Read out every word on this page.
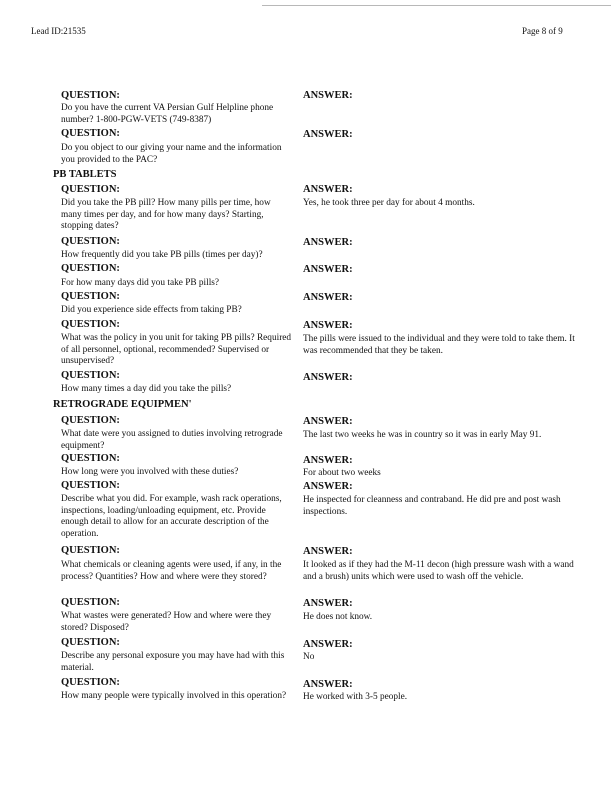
Lead ID:21535	Page 8 of 9
QUESTION:	ANSWER:
Do you have the current VA Persian Gulf Helpline phone number? 1-800-PGW-VETS (749-8387)
QUESTION:	ANSWER:
Do you object to our giving your name and the information you provided to the PAC?
PB TABLETS
QUESTION:	ANSWER:
Did you take the PB pill? How many pills per time, how many times per day, and for how many days? Starting, stopping dates?
Yes, he took three per day for about 4 months.
QUESTION:	ANSWER:
How frequently did you take PB pills (times per day)?
QUESTION:	ANSWER:
For how many days did you take PB pills?
QUESTION:	ANSWER:
Did you experience side effects from taking PB?
QUESTION:	ANSWER:
What was the policy in you unit for taking PB pills? Required of all personnel, optional, recommended? Supervised or unsupervised?
The pills were issued to the individual and they were told to take them. It was recommended that they be taken.
QUESTION:	ANSWER:
How many times a day did you take the pills?
RETROGRADE EQUIPMEN'
QUESTION:	ANSWER:
What date were you assigned to duties involving retrograde equipment?
The last two weeks he was in country so it was in early May 91.
QUESTION:	ANSWER:
How long were you involved with these duties?	For about two weeks
QUESTION:	ANSWER:
Describe what you did. For example, wash rack operations, inspections, loading/unloading equipment, etc. Provide enough detail to allow for an accurate description of the operation.
He inspected for cleanness and contraband. He did pre and post wash inspections.
QUESTION:	ANSWER:
What chemicals or cleaning agents were used, if any, in the process? Quantities? How and where were they stored?
It looked as if they had the M-11 decon (high pressure wash with a wand and a brush) units which were used to wash off the vehicle.
QUESTION:	ANSWER:
What wastes were generated? How and where were they stored? Disposed?
He does not know.
QUESTION:	ANSWER:
Describe any personal exposure you may have had with this material.
No
QUESTION:	ANSWER:
How many people were typically involved in this operation?	He worked with 3-5 people.
